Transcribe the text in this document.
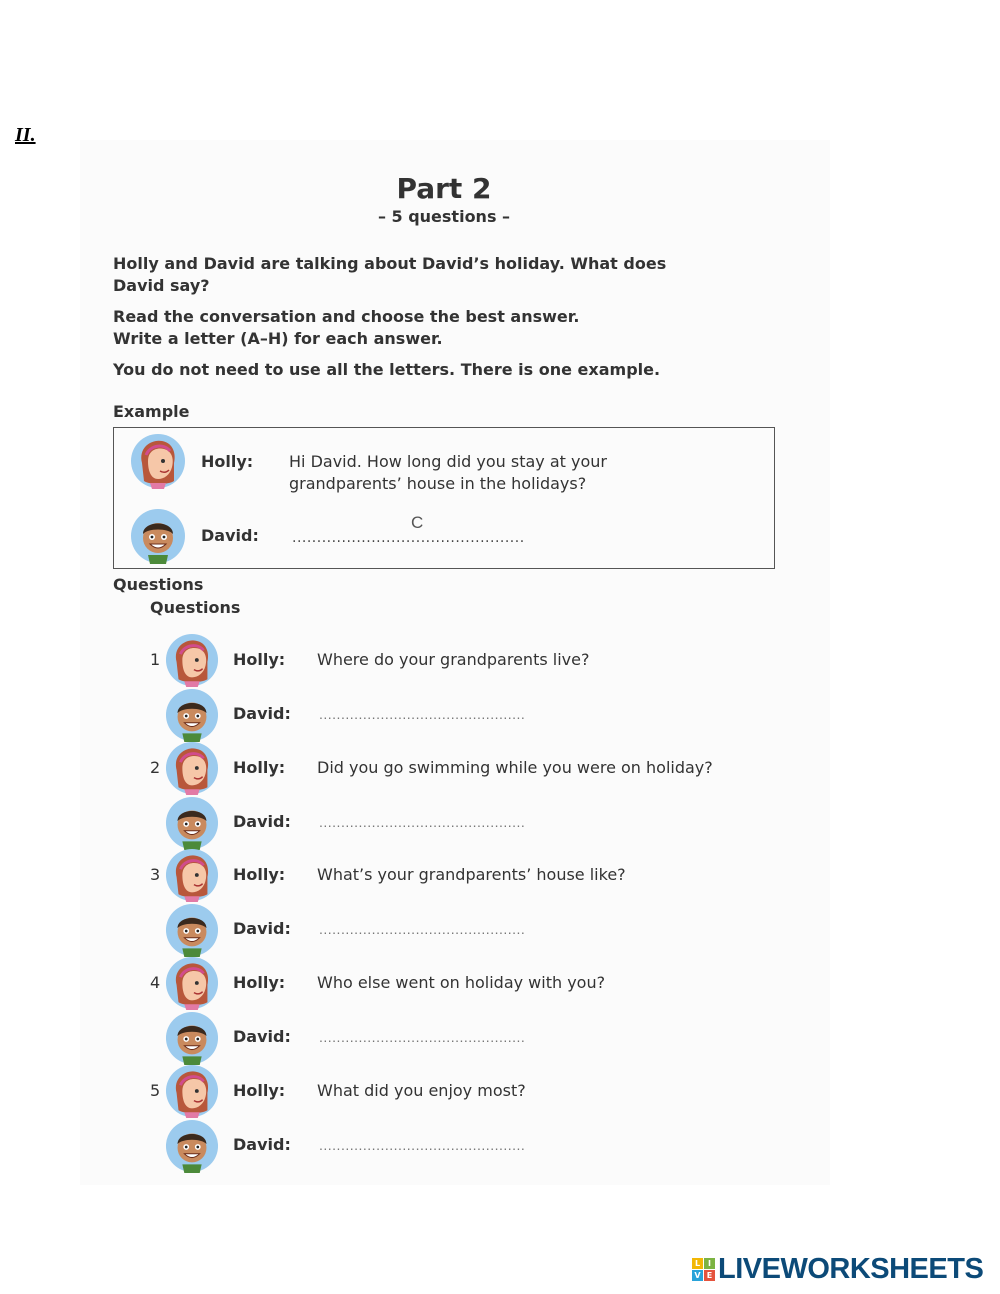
II.
Part 2
– 5 questions –

Holly and David are talking about David’s holiday. What does

David say?

Read the conversation and choose the best answer.

Write a letter (A–H) for each answer.

You do not need to use all the letters. There is one example.

Example
Holly: Hi David. How long did you stay at your
grandparents’ house in the holidays?
David:
C
...............................................
Questions
Questions
1	Holly: Where do your grandparents live?
David:
...............................................
2	Holly: Did you go swimming while you were on holiday?
David:
...............................................
3	Holly: What’s your grandparents’ house like?
David:
...............................................
4	Holly: Who else went on holiday with you?
David:
...............................................
5	Holly: What did you enjoy most?
David:
...............................................
L I
V E LIVEWORKSHEETS
